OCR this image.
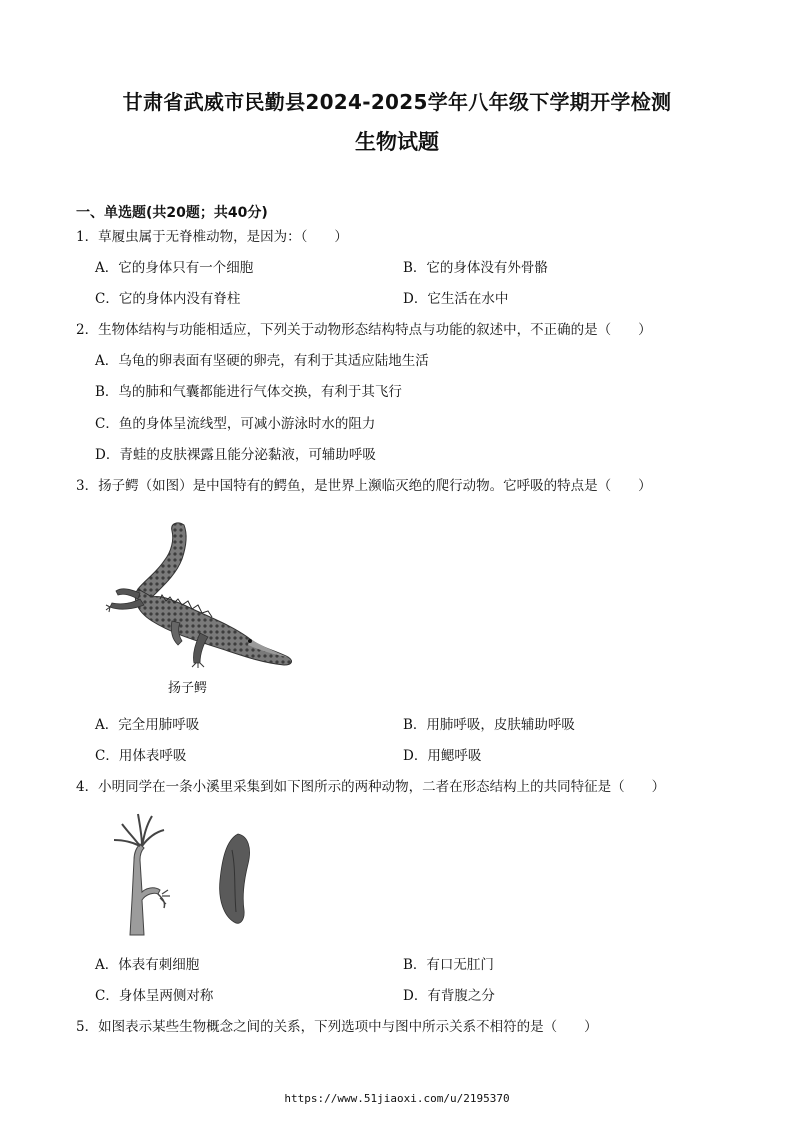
甘肃省武威市民勤县2024-2025学年八年级下学期开学检测
生物试题
一、单选题(共20题；共40分)
1．草履虫属于无脊椎动物，是因为：（　　）
A．它的身体只有一个细胞	B．它的身体没有外骨骼
C．它的身体内没有脊柱	D．它生活在水中
2．生物体结构与功能相适应，下列关于动物形态结构特点与功能的叙述中，不正确的是（　　）
A．乌龟的卵表面有坚硬的卵壳，有利于其适应陆地生活
B．鸟的肺和气囊都能进行气体交换，有利于其飞行
C．鱼的身体呈流线型，可减小游泳时水的阻力
D．青蛙的皮肤裸露且能分泌黏液，可辅助呼吸
3．扬子鳄（如图）是中国特有的鳄鱼，是世界上濒临灭绝的爬行动物。它呼吸的特点是（　　）
扬子鳄
A．完全用肺呼吸	B．用肺呼吸，皮肤辅助呼吸
C．用体表呼吸	D．用鳃呼吸
4．小明同学在一条小溪里采集到如下图所示的两种动物，二者在形态结构上的共同特征是（　　）
A．体表有刺细胞	B．有口无肛门
C．身体呈两侧对称	D．有背腹之分
5．如图表示某些生物概念之间的关系，下列选项中与图中所示关系不相符的是（　　）
https://www.51jiaoxi.com/u/2195370
